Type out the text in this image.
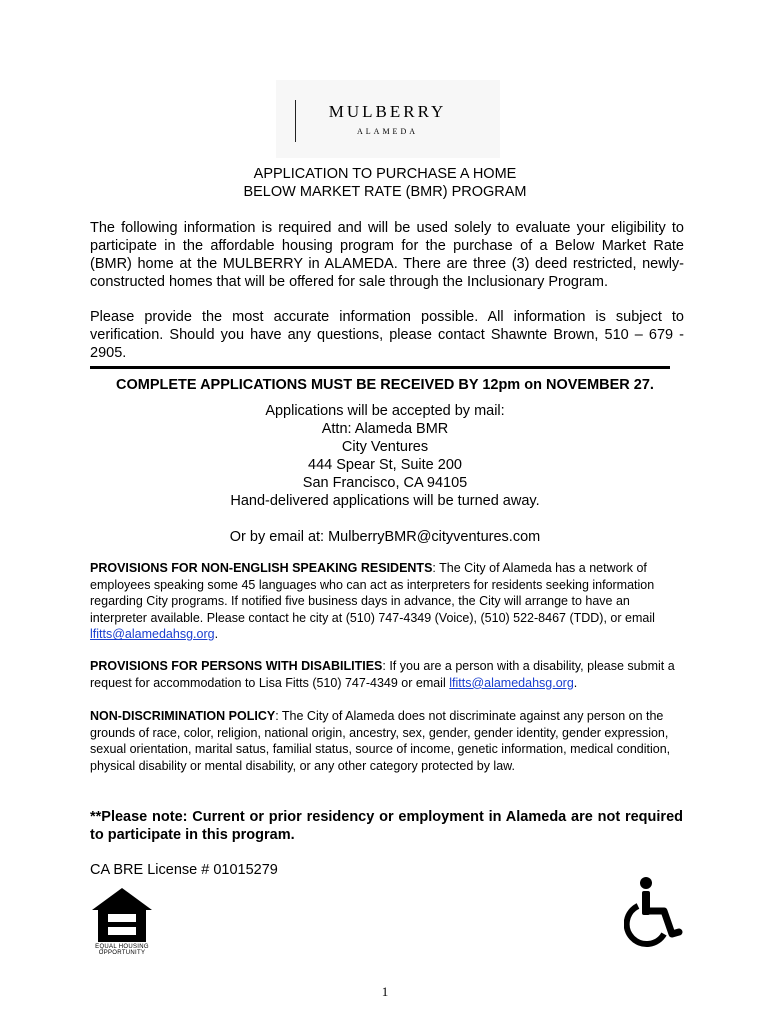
MULBERRY
ALAMEDA
APPLICATION TO PURCHASE A HOME
BELOW MARKET RATE (BMR) PROGRAM
The following information is required and will be used solely to evaluate your eligibility to participate in the affordable housing program for the purchase of a Below Market Rate (BMR) home at the MULBERRY in ALAMEDA. There are three (3) deed restricted, newly-constructed homes that will be offered for sale through the Inclusionary Program.
Please provide the most accurate information possible. All information is subject to verification. Should you have any questions, please contact Shawnte Brown, 510 – 679 - 2905.
COMPLETE APPLICATIONS MUST BE RECEIVED BY 12pm on NOVEMBER 27.
Applications will be accepted by mail:
Attn: Alameda BMR
City Ventures
444 Spear St, Suite 200
San Francisco, CA 94105
Hand-delivered applications will be turned away.
Or by email at: MulberryBMR@cityventures.com
PROVISIONS FOR NON-ENGLISH SPEAKING RESIDENTS: The City of Alameda has a network of employees speaking some 45 languages who can act as interpreters for residents seeking information regarding City programs. If notified five business days in advance, the City will arrange to have an interpreter available. Please contact he city at (510) 747-4349 (Voice), (510) 522-8467 (TDD), or email lfitts@alamedahsg.org.
PROVISIONS FOR PERSONS WITH DISABILITIES: If you are a person with a disability, please submit a request for accommodation to Lisa Fitts (510) 747-4349 or email lfitts@alamedahsg.org.
NON-DISCRIMINATION POLICY: The City of Alameda does not discriminate against any person on the grounds of race, color, religion, national origin, ancestry, sex, gender, gender identity, gender expression, sexual orientation, marital satus, familial status, source of income, genetic information, medical condition, physical disability or mental disability, or any other category protected by law.
**Please note: Current or prior residency or employment in Alameda are not required to participate in this program.
CA BRE License # 01015279
EQUAL HOUSING OPPORTUNITY
1
